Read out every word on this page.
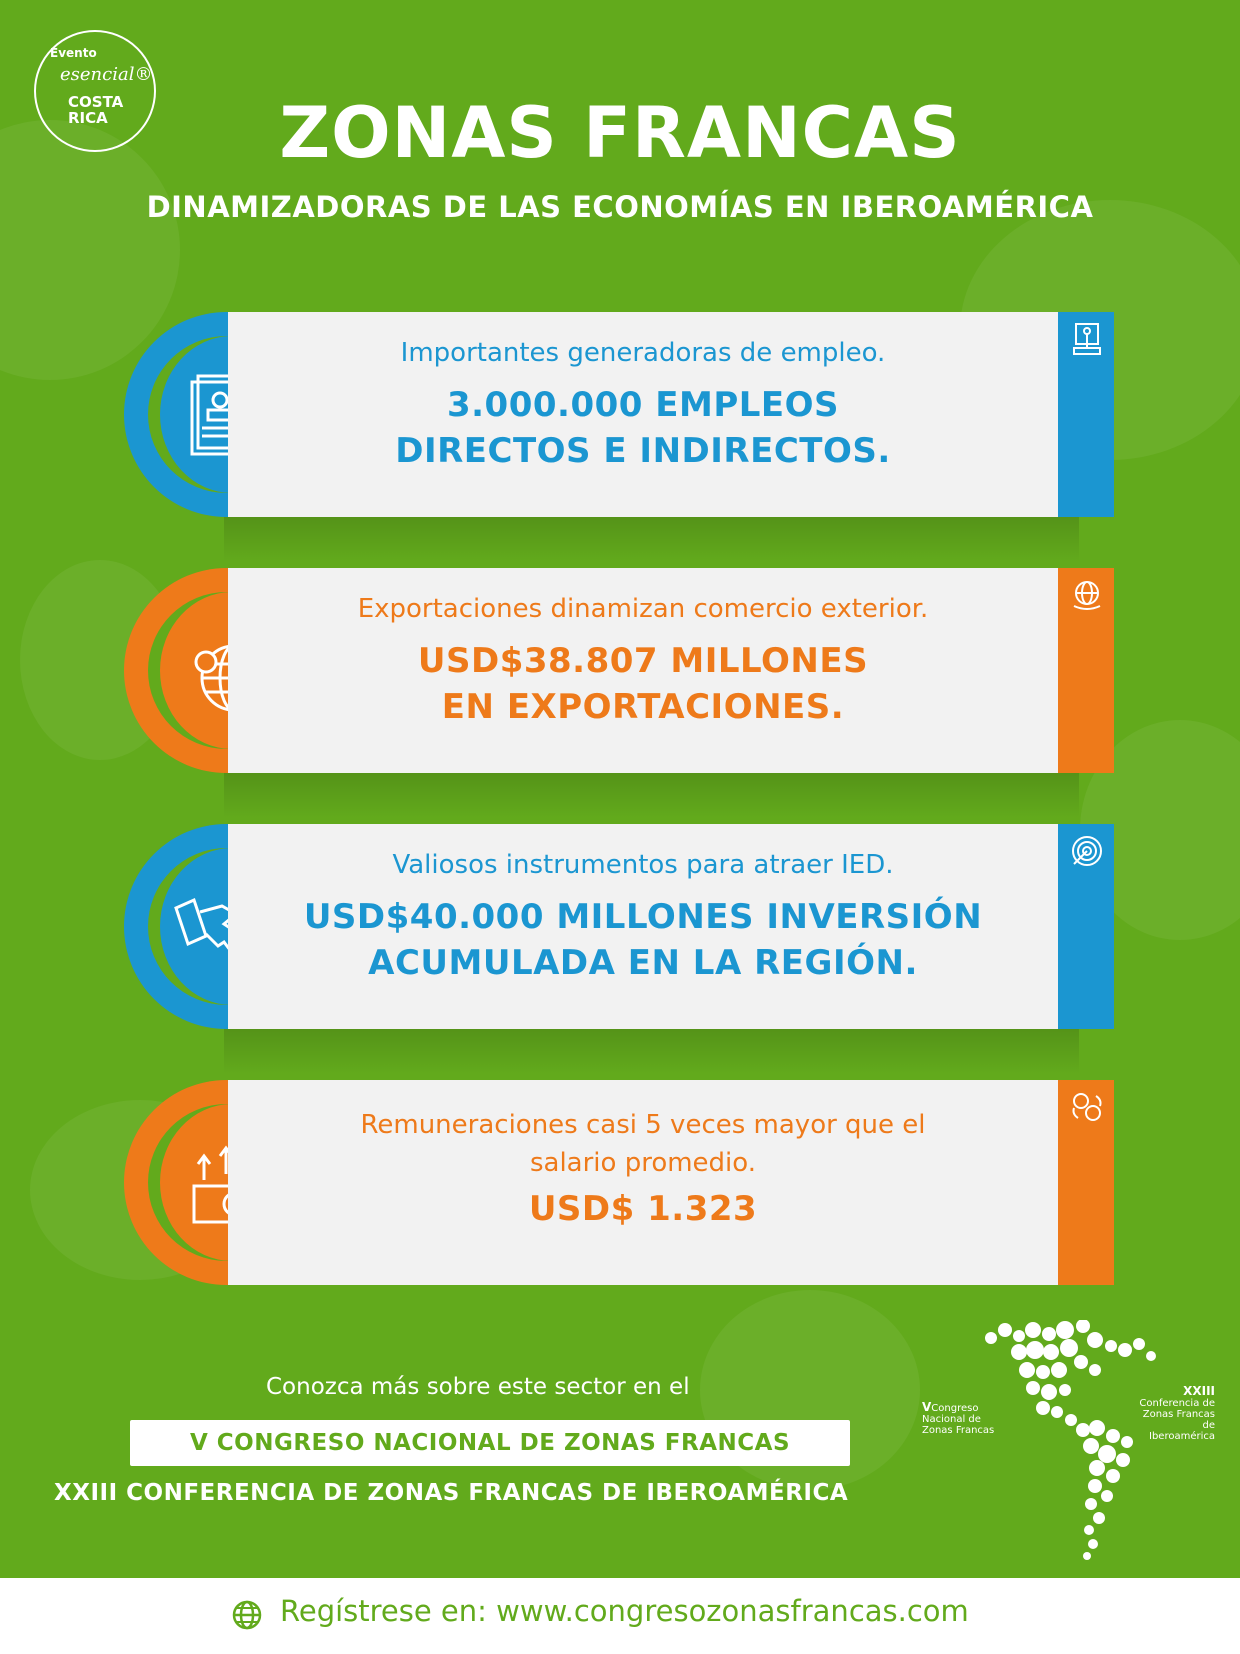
Evento
esencial®
COSTA RICA	ZONAS FRANCAS
DINAMIZADORAS DE LAS ECONOMÍAS EN IBEROAMÉRICA
Importantes generadoras de empleo.
3.000.000 EMPLEOS
DIRECTOS E INDIRECTOS.
Exportaciones dinamizan comercio exterior.
USD$38.807 MILLONES
EN EXPORTACIONES.
Valiosos instrumentos para atraer IED.
USD$40.000 MILLONES INVERSIÓN
ACUMULADA EN LA REGIÓN.
Remuneraciones casi 5 veces mayor que el
salario promedio.
USD$ 1.323
Conozca más sobre este sector en el
V CONGRESO NACIONAL DE ZONAS FRANCAS
XXIII CONFERENCIA DE ZONAS FRANCAS DE IBEROAMÉRICA
VCongreso
Nacional de
Zonas Francas
XXIII
Conferencia de
Zonas Francas
de Iberoamérica
Regístrese en: www.congresozonasfrancas.com
